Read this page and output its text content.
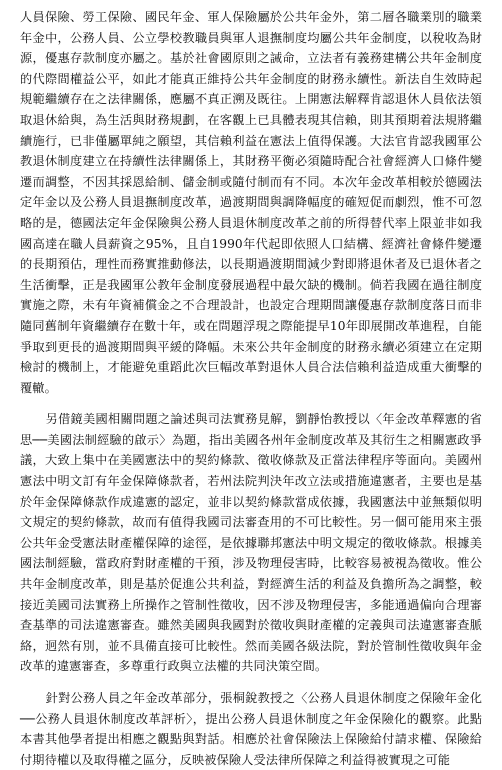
人員保險、勞工保險、國民年金、軍人保險屬於公共年金外，第二層各職業別的職業年金中，公務人員、公立學校教職員與軍人退撫制度均屬公共年金制度，以稅收為財源，優惠存款制度亦屬之。基於社會國原則之誡命，立法者有義務建構公共年金制度的代際間權益公平，如此才能真正維持公共年金制度的財務永續性。新法自生效時起規範繼續存在之法律關係，應屬不真正溯及既往。上開憲法解釋肯認退休人員依法領取退休給與，為生活與財務規劃，在客觀上已具體表現其信賴，則其預期着法規將繼續施行，已非僅屬單純之願望，其信賴利益在憲法上值得保護。大法官肯認我國軍公教退休制度建立在持續性法律關係上，其財務平衡必須隨時配合社會經濟人口條件變遷而調整，不因其採恩給制、儲金制或隨付制而有不同。本次年金改革相較於德國法定年金以及公務人員退撫制度改革，過渡期間與調降幅度的確短促而劇烈，惟不可忽略的是，德國法定年金保險與公務人員退休制度改革之前的所得替代率上限並非如我國高達在職人員薪資之95%，且自1990年代起即依照人口結構、經濟社會條件變遷的長期預估，理性而務實推動修法，以長期過渡期間減少對即將退休者及已退休者之生活衝擊，正是我國軍公教年金制度發展過程中最欠缺的機制。倘若我國在過往制度實施之際，未有年資補償金之不合理設計，也設定合理期間讓優惠存款制度落日而非隨同舊制年資繼續存在數十年，或在問題浮現之際能提早10年即展開改革進程，自能爭取到更長的過渡期間與平緩的降幅。未來公共年金制度的財務永續必須建立在定期檢討的機制上，才能避免重蹈此次巨幅改革對退休人員合法信賴利益造成重大衝擊的覆轍。

另借鏡美國相關問題之論述與司法實務見解，劉靜怡教授以〈年金改革釋憲的省思──美國法制經驗的啟示〉為題，指出美國各州年金制度改革及其衍生之相關憲政爭議，大致上集中在美國憲法中的契約條款、徵收條款及正當法律程序等面向。美國州憲法中明文訂有年金保障條款者，若州法院判決年改立法或措施違憲者，主要也是基於年金保障條款作成違憲的認定，並非以契約條款當成依據，我國憲法中並無類似明文規定的契約條款，故而有值得我國司法審查用的不可比較性。另一個可能用來主張公共年金受憲法財產權保障的途徑，是依據聯邦憲法中明文規定的徵收條款。根據美國法制經驗，當政府對財產權的干預，涉及物理侵害時，比較容易被視為徵收。惟公共年金制度改革，則是基於促進公共利益，對經濟生活的利益及負擔所為之調整，較接近美國司法實務上所操作之管制性徵收，因不涉及物理侵害，多能通過偏向合理審查基準的司法違憲審查。雖然美國與我國對於徵收與財產權的定義與司法違憲審查脈絡，迥然有別，並不具備直接可比較性。然而美國各級法院，對於管制性徵收與年金改革的違憲審查，多尊重行政與立法權的共同決策空間。

針對公務人員之年金改革部分，張桐銳教授之〈公務人員退休制度之保險年金化──公務人員退休制度改革評析〉，提出公務人員退休制度之年金保險化的觀察。此點本書其他學者提出相應之觀點與對話。相應於社會保險法上保險給付請求權、保險給付期待權以及取得權之區分，反映被保險人受法律所保障之利益得被實現之可能
